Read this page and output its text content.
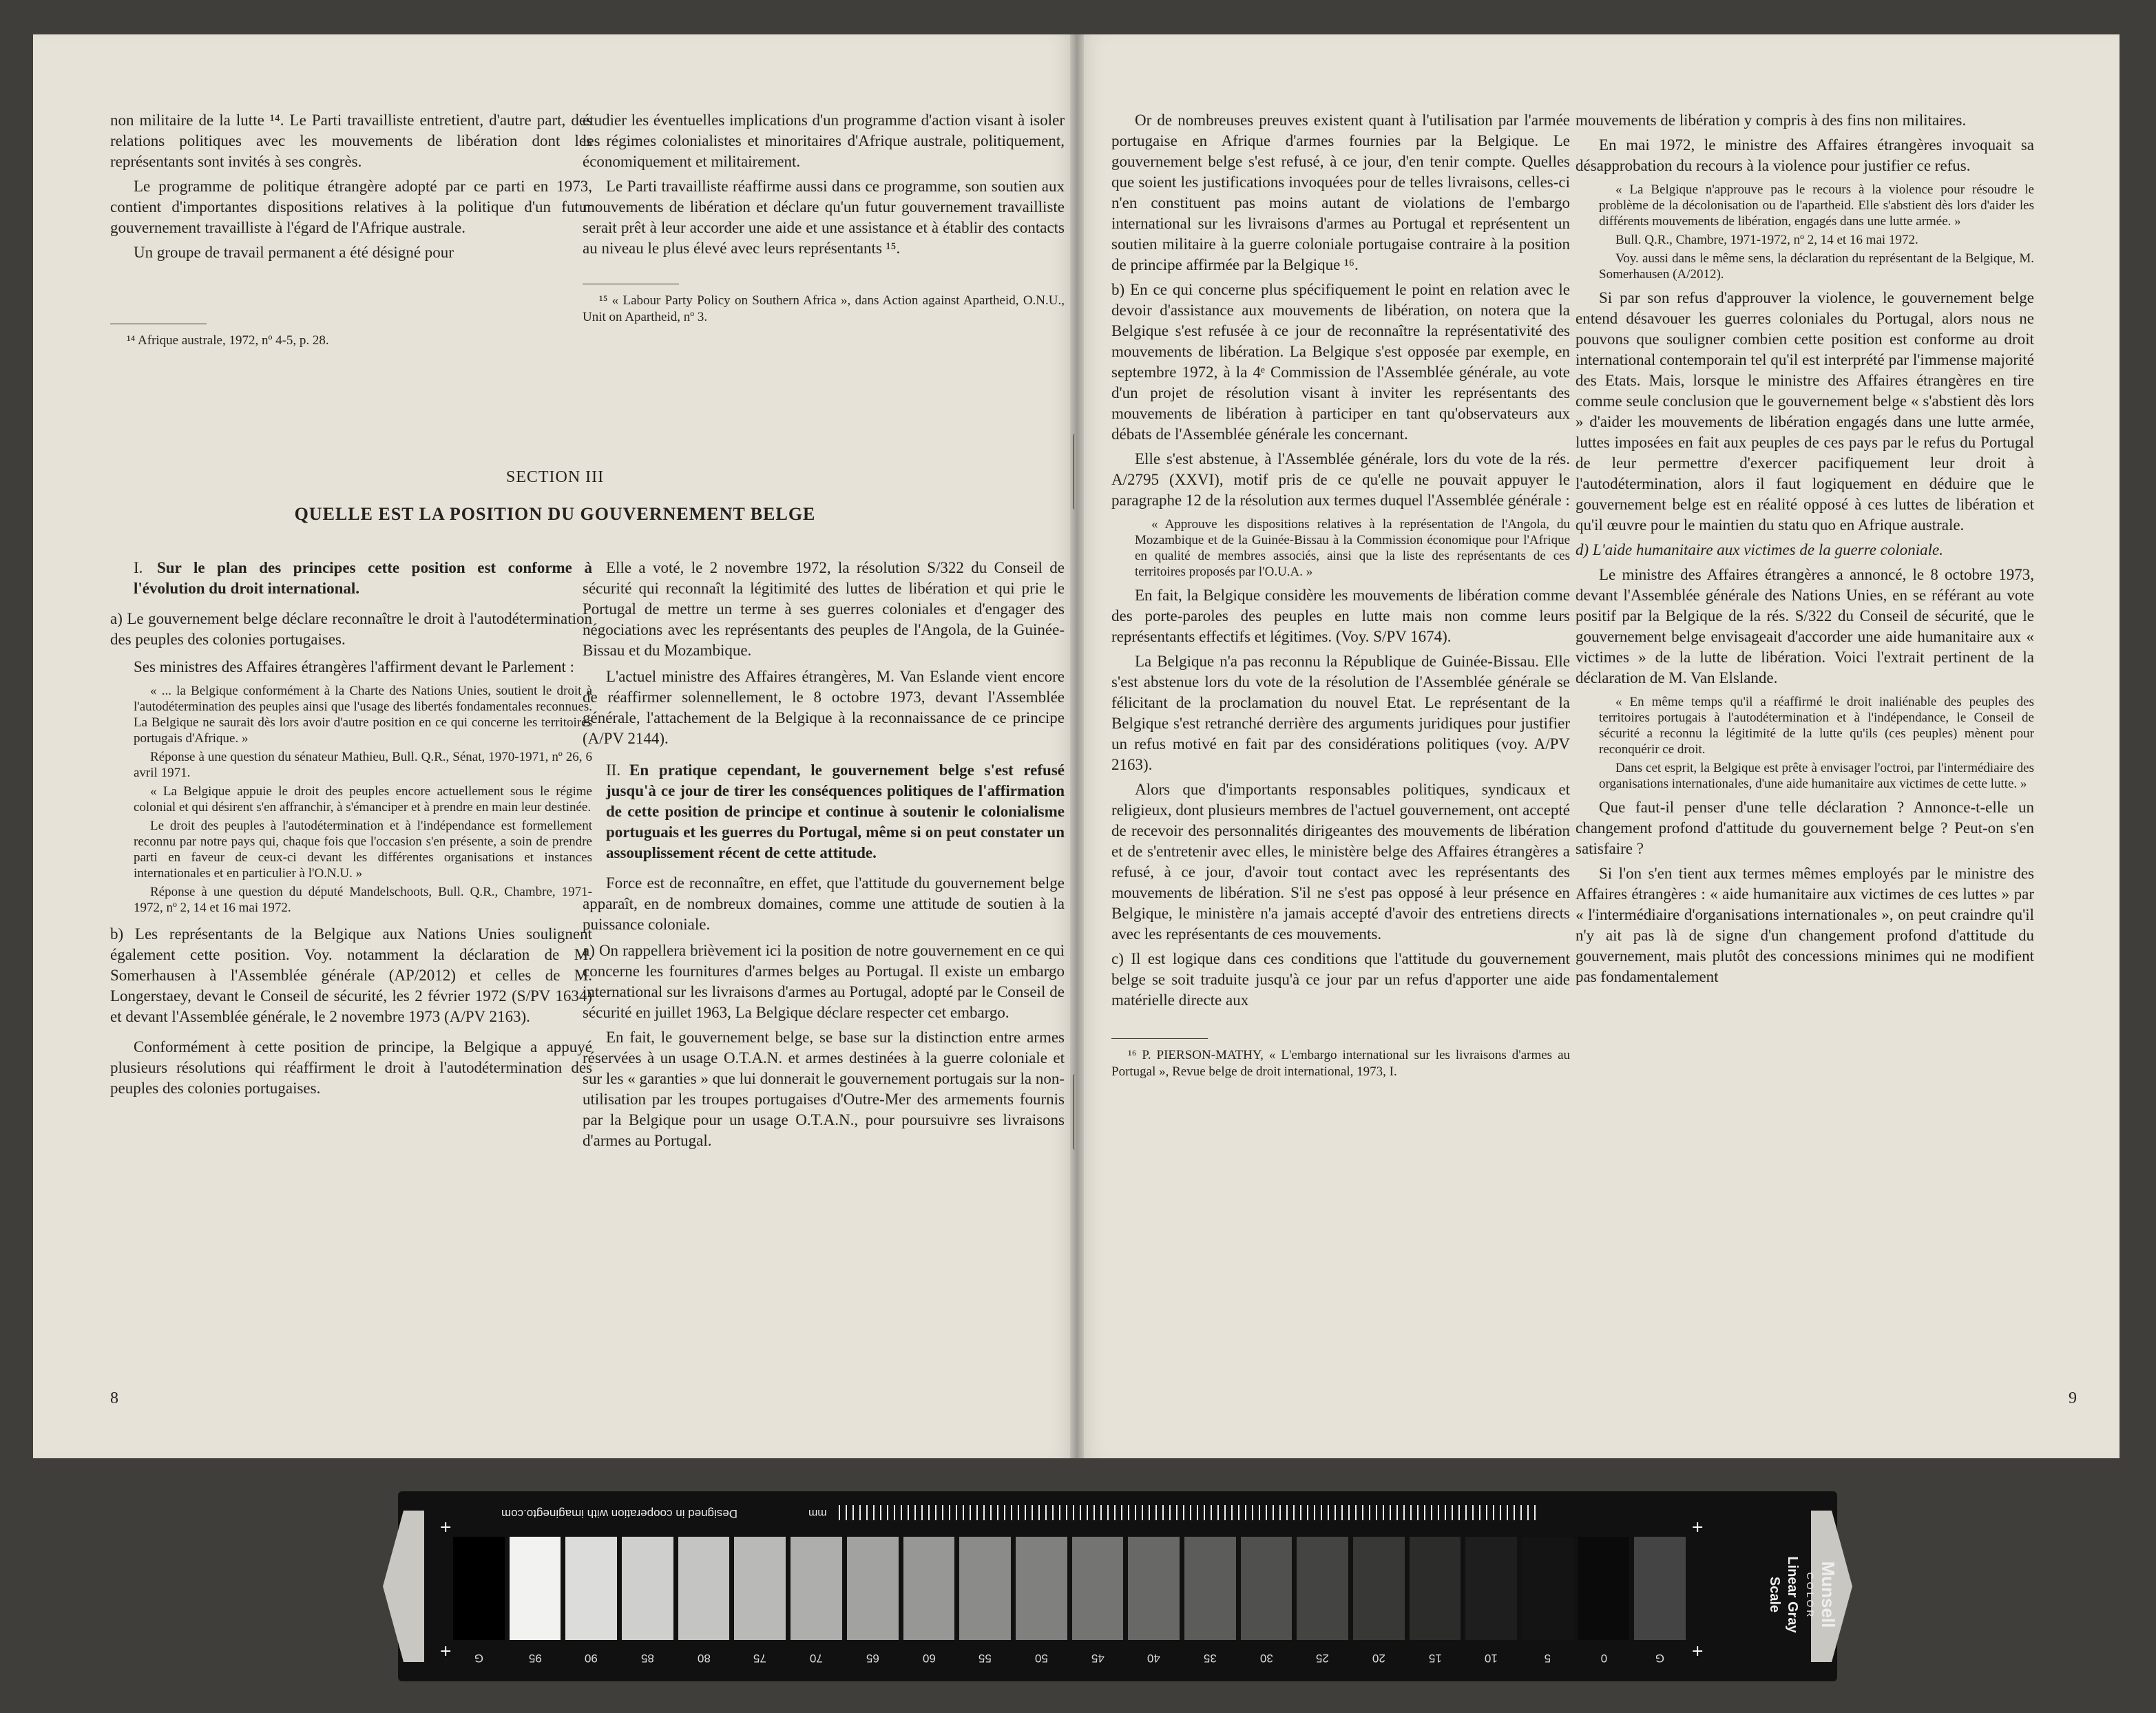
non militaire de la lutte ¹⁴. Le Parti travailliste entretient, d'autre part, des relations politiques avec les mouvements de libération dont les représentants sont invités à ses congrès.

Le programme de politique étrangère adopté par ce parti en 1973, contient d'importantes dispositions relatives à la politique d'un futur gouvernement travailliste à l'égard de l'Afrique australe.

Un groupe de travail permanent a été désigné pour

¹⁴ Afrique australe, 1972, nº 4-5, p. 28.

étudier les éventuelles implications d'un programme d'action visant à isoler les régimes colonialistes et minoritaires d'Afrique australe, politiquement, économiquement et militairement.

Le Parti travailliste réaffirme aussi dans ce programme, son soutien aux mouvements de libération et déclare qu'un futur gouvernement travailliste serait prêt à leur accorder une aide et une assistance et à établir des contacts au niveau le plus élevé avec leurs représentants ¹⁵.

¹⁵ « Labour Party Policy on Southern Africa », dans Action against Apartheid, O.N.U., Unit on Apartheid, nº 3.

SECTION III
QUELLE EST LA POSITION DU GOUVERNEMENT BELGE

I. Sur le plan des principes cette position est conforme à l'évolution du droit international.

a) Le gouvernement belge déclare reconnaître le droit à l'autodétermination des peuples des colonies portugaises.

Ses ministres des Affaires étrangères l'affirment devant le Parlement :

« ... la Belgique conformément à la Charte des Nations Unies, soutient le droit à l'autodétermination des peuples ainsi que l'usage des libertés fondamentales reconnues. La Belgique ne saurait dès lors avoir d'autre position en ce qui concerne les territoires portugais d'Afrique. »

Réponse à une question du sénateur Mathieu, Bull. Q.R., Sénat, 1970-1971, nº 26, 6 avril 1971.

« La Belgique appuie le droit des peuples encore actuellement sous le régime colonial et qui désirent s'en affranchir, à s'émanciper et à prendre en main leur destinée.

Le droit des peuples à l'autodétermination et à l'indépendance est formellement reconnu par notre pays qui, chaque fois que l'occasion s'en présente, a soin de prendre parti en faveur de ceux-ci devant les différentes organisations et instances internationales et en particulier à l'O.N.U. »

Réponse à une question du député Mandelschoots, Bull. Q.R., Chambre, 1971-1972, nº 2, 14 et 16 mai 1972.

b) Les représentants de la Belgique aux Nations Unies soulignent également cette position. Voy. notamment la déclaration de M. Somerhausen à l'Assemblée générale (AP/2012) et celles de M. Longerstaey, devant le Conseil de sécurité, les 2 février 1972 (S/PV 1634) et devant l'Assemblée générale, le 2 novembre 1973 (A/PV 2163).

Conformément à cette position de principe, la Belgique a appuyé plusieurs résolutions qui réaffirment le droit à l'autodétermination des peuples des colonies portugaises.

Elle a voté, le 2 novembre 1972, la résolution S/322 du Conseil de sécurité qui reconnaît la légitimité des luttes de libération et qui prie le Portugal de mettre un terme à ses guerres coloniales et d'engager des négociations avec les représentants des peuples de l'Angola, de la Guinée-Bissau et du Mozambique.

L'actuel ministre des Affaires étrangères, M. Van Eslande vient encore de réaffirmer solennellement, le 8 octobre 1973, devant l'Assemblée générale, l'attachement de la Belgique à la reconnaissance de ce principe (A/PV 2144).

II. En pratique cependant, le gouvernement belge s'est refusé jusqu'à ce jour de tirer les conséquences politiques de l'affirmation de cette position de principe et continue à soutenir le colonialisme portuguais et les guerres du Portugal, même si on peut constater un assouplissement récent de cette attitude.

Force est de reconnaître, en effet, que l'attitude du gouvernement belge apparaît, en de nombreux domaines, comme une attitude de soutien à la puissance coloniale.

a) On rappellera brièvement ici la position de notre gouvernement en ce qui concerne les fournitures d'armes belges au Portugal. Il existe un embargo international sur les livraisons d'armes au Portugal, adopté par le Conseil de sécurité en juillet 1963, La Belgique déclare respecter cet embargo.

En fait, le gouvernement belge, se base sur la distinction entre armes réservées à un usage O.T.A.N. et armes destinées à la guerre coloniale et sur les « garanties » que lui donnerait le gouvernement portugais sur la non-utilisation par les troupes portugaises d'Outre-Mer des armements fournis par la Belgique pour un usage O.T.A.N., pour poursuivre ses livraisons d'armes au Portugal.

8

Or de nombreuses preuves existent quant à l'utilisation par l'armée portugaise en Afrique d'armes fournies par la Belgique. Le gouvernement belge s'est refusé, à ce jour, d'en tenir compte. Quelles que soient les justifications invoquées pour de telles livraisons, celles-ci n'en constituent pas moins autant de violations de l'embargo international sur les livraisons d'armes au Portugal et représentent un soutien militaire à la guerre coloniale portugaise contraire à la position de principe affirmée par la Belgique ¹⁶.

b) En ce qui concerne plus spécifiquement le point en relation avec le devoir d'assistance aux mouvements de libération, on notera que la Belgique s'est refusée à ce jour de reconnaître la représentativité des mouvements de libération. La Belgique s'est opposée par exemple, en septembre 1972, à la 4ᵉ Commission de l'Assemblée générale, au vote d'un projet de résolution visant à inviter les représentants des mouvements de libération à participer en tant qu'observateurs aux débats de l'Assemblée générale les concernant.

Elle s'est abstenue, à l'Assemblée générale, lors du vote de la rés. A/2795 (XXVI), motif pris de ce qu'elle ne pouvait appuyer le paragraphe 12 de la résolution aux termes duquel l'Assemblée générale :

« Approuve les dispositions relatives à la représentation de l'Angola, du Mozambique et de la Guinée-Bissau à la Commission économique pour l'Afrique en qualité de membres associés, ainsi que la liste des représentants de ces territoires proposés par l'O.U.A. »

En fait, la Belgique considère les mouvements de libération comme des porte-paroles des peuples en lutte mais non comme leurs représentants effectifs et légitimes. (Voy. S/PV 1674).

La Belgique n'a pas reconnu la République de Guinée-Bissau. Elle s'est abstenue lors du vote de la résolution de l'Assemblée générale se félicitant de la proclamation du nouvel Etat. Le représentant de la Belgique s'est retranché derrière des arguments juridiques pour justifier un refus motivé en fait par des considérations politiques (voy. A/PV 2163).

Alors que d'importants responsables politiques, syndicaux et religieux, dont plusieurs membres de l'actuel gouvernement, ont accepté de recevoir des personnalités dirigeantes des mouvements de libération et de s'entretenir avec elles, le ministère belge des Affaires étrangères a refusé, à ce jour, d'avoir tout contact avec les représentants des mouvements de libération. S'il ne s'est pas opposé à leur présence en Belgique, le ministère n'a jamais accepté d'avoir des entretiens directs avec les représentants de ces mouvements.

c) Il est logique dans ces conditions que l'attitude du gouvernement belge se soit traduite jusqu'à ce jour par un refus d'apporter une aide matérielle directe aux

¹⁶ P. PIERSON-MATHY, « L'embargo international sur les livraisons d'armes au Portugal », Revue belge de droit international, 1973, I.

mouvements de libération y compris à des fins non militaires.

En mai 1972, le ministre des Affaires étrangères invoquait sa désapprobation du recours à la violence pour justifier ce refus.

« La Belgique n'approuve pas le recours à la violence pour résoudre le problème de la décolonisation ou de l'apartheid. Elle s'abstient dès lors d'aider les différents mouvements de libération, engagés dans une lutte armée. »

Bull. Q.R., Chambre, 1971-1972, nº 2, 14 et 16 mai 1972.

Voy. aussi dans le même sens, la déclaration du représentant de la Belgique, M. Somerhausen (A/2012).

Si par son refus d'approuver la violence, le gouvernement belge entend désavouer les guerres coloniales du Portugal, alors nous ne pouvons que souligner combien cette position est conforme au droit international contemporain tel qu'il est interprété par l'immense majorité des Etats. Mais, lorsque le ministre des Affaires étrangères en tire comme seule conclusion que le gouvernement belge « s'abstient dès lors » d'aider les mouvements de libération engagés dans une lutte armée, luttes imposées en fait aux peuples de ces pays par le refus du Portugal de leur permettre d'exercer pacifiquement leur droit à l'autodétermination, alors il faut logiquement en déduire que le gouvernement belge est en réalité opposé à ces luttes de libération et qu'il œuvre pour le maintien du statu quo en Afrique australe.

d) L'aide humanitaire aux victimes de la guerre coloniale.

Le ministre des Affaires étrangères a annoncé, le 8 octobre 1973, devant l'Assemblée générale des Nations Unies, en se référant au vote positif par la Belgique de la rés. S/322 du Conseil de sécurité, que le gouvernement belge envisageait d'accorder une aide humanitaire aux « victimes » de la lutte de libération. Voici l'extrait pertinent de la déclaration de M. Van Elslande.

« En même temps qu'il a réaffirmé le droit inaliénable des peuples des territoires portugais à l'autodétermination et à l'indépendance, le Conseil de sécurité a reconnu la légitimité de la lutte qu'ils (ces peuples) mènent pour reconquérir ce droit.

Dans cet esprit, la Belgique est prête à envisager l'octroi, par l'intermédiaire des organisations internationales, d'une aide humanitaire aux victimes de cette lutte. »

Que faut-il penser d'une telle déclaration ? Annonce-t-elle un changement profond d'attitude du gouvernement belge ? Peut-on s'en satisfaire ?

Si l'on s'en tient aux termes mêmes employés par le ministre des Affaires étrangères : « aide humanitaire aux victimes de ces luttes » par « l'intermédiaire d'organisations internationales », on peut craindre qu'il n'y ait pas là de signe d'un changement profond d'attitude du gouvernement, mais plutôt des concessions minimes qui ne modifient pas fondamentalement

9
Designed in cooperation with imaginegto.com	mm
Munsell
C O L O R
Linear Gray Scale
G	95	90	85	80	75	70	65	60	55	50	45	40	35	30	25	20	15	10	5	0	G
+
+
+
+
